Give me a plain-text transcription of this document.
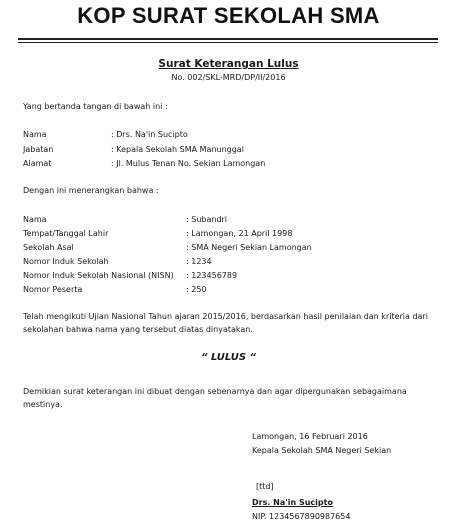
KOP SURAT SEKOLAH SMA
Surat Keterangan Lulus
No. 002/SKL-MRD/DP/II/2016
Yang bertanda tangan di bawah ini :
Nama	: Drs. Na'in Sucipto
Jabatan	: Kepala Sekolah SMA Manunggal
Alamat	: Jl. Mulus Tenan No. Sekian Lamongan
Dengan ini menerangkan bahwa :
Nama	: Subandri
Tempat/Tanggal Lahir	: Lamongan, 21 April 1998
Sekolah Asal	: SMA Negeri Sekian Lamongan
Nomor Induk Sekolah	: 1234
Nomor Induk Sekolah Nasional (NISN) : 123456789
Nomor Peserta	: 250
Telah mengikuti Ujian Nasional Tahun ajaran 2015/2016, berdasarkan hasil penilaian dan kriteria dari sekolahan bahwa nama yang tersebut diatas dinyatakan.
“ LULUS “
Demikian surat keterangan ini dibuat dengan sebenarnya dan agar dipergunakan sebagaimana mestinya.
Lamongan, 16 Februari 2016
Kepala Sekolah SMA Negeri Sekian
[ttd]
Drs. Na'in Sucipto
NIP. 1234567890987654
